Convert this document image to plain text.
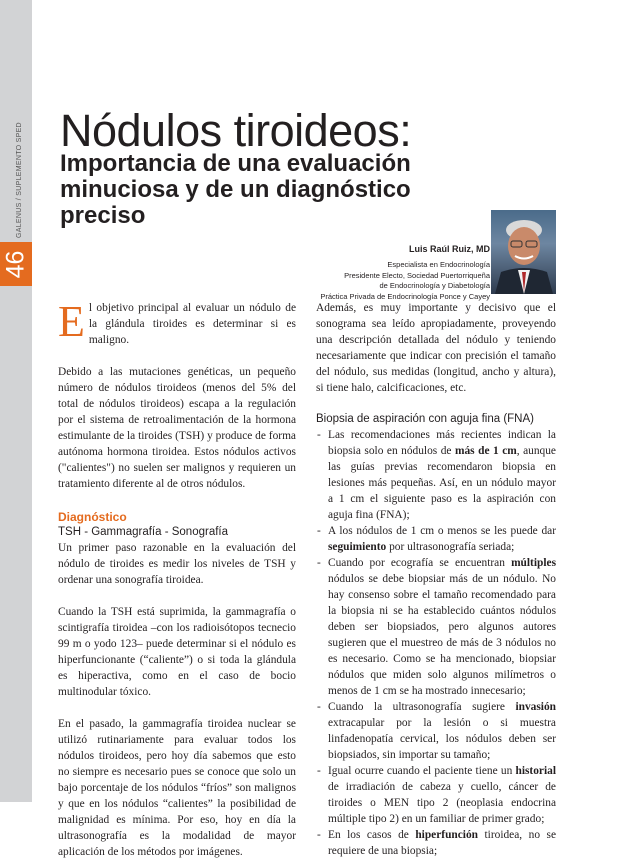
GALENUS / SUPLEMENTO SPED
46
Nódulos tiroideos:
Importancia de una evaluación minuciosa y de un diagnóstico preciso
Luis Raúl Ruiz, MD
Especialista en Endocrinología
Presidente Electo, Sociedad Puertorriqueña
de Endocrinología y Diabetología
Práctica Privada de Endocrinología Ponce y Cayey

El objetivo principal al evaluar un nódulo de la glándula tiroides es determinar si es maligno.

Debido a las mutaciones genéticas, un pequeño número de nódulos tiroideos (menos del 5% del total de nódulos tiroideos) escapa a la regulación por el sistema de retroalimentación de la hormona estimulante de la tiroides (TSH) y produce de forma autónoma hormona tiroidea. Estos nódulos activos ("calientes") no suelen ser malignos y requieren un tratamiento diferente al de otros nódulos.

Diagnóstico
TSH - Gammagrafía - Sonografía

Un primer paso razonable en la evaluación del nódulo de tiroides es medir los niveles de TSH y ordenar una sonografía tiroidea.

Cuando la TSH está suprimida, la gammagrafía o scintigrafía tiroidea –con los radioisótopos tecnecio 99 m o yodo 123– puede determinar si el nódulo es hiperfuncionante (“caliente”) o si toda la glándula es hiperactiva, como en el caso de bocio multinodular tóxico.

En el pasado, la gammagrafía tiroidea nuclear se utilizó rutinariamente para evaluar todos los nódulos tiroideos, pero hoy día sabemos que esto no siempre es necesario pues se conoce que solo un bajo porcentaje de los nódulos “fríos” son malignos y que en los nódulos “calientes” la posibilidad de malignidad es mínima. Por eso, hoy en día la ultrasonografía es la modalidad de mayor aplicación de los métodos por imágenes.

Además, es muy importante y decisivo que el sonograma sea leído apropiadamente, proveyendo una descripción detallada del nódulo y teniendo necesariamente que indicar con precisión el tamaño del nódulo, sus medidas (longitud, ancho y altura), si tiene halo, calcificaciones, etc.

Biopsia de aspiración con aguja fina (FNA)
- Las recomendaciones más recientes indican la biopsia solo en nódulos de más de 1 cm, aunque las guías previas recomendaron biopsia en lesiones más pequeñas. Así, en un nódulo mayor a 1 cm el siguiente paso es la aspiración con aguja fina (FNA);
- A los nódulos de 1 cm o menos se les puede dar seguimiento por ultrasonografía seriada;
- Cuando por ecografía se encuentran múltiples nódulos se debe biopsiar más de un nódulo. No hay consenso sobre el tamaño recomendado para la biopsia ni se ha establecido cuántos nódulos deben ser biopsiados, pero algunos autores sugieren que el muestreo de más de 3 nódulos no es necesario. Como se ha mencionado, biopsiar nódulos que miden solo algunos milímetros o menos de 1 cm se ha mostrado innecesario;
- Cuando la ultrasonografía sugiere invasión extracapular por la lesión o si muestra linfadenopatía cervical, los nódulos deben ser biopsiados, sin importar su tamaño;
- Igual ocurre cuando el paciente tiene un historial de irradiación de cabeza y cuello, cáncer de tiroides o MEN tipo 2 (neoplasia endocrina múltiple tipo 2) en un familiar de primer grado;
- En los casos de hiperfunción tiroidea, no se requiere de una biopsia;
